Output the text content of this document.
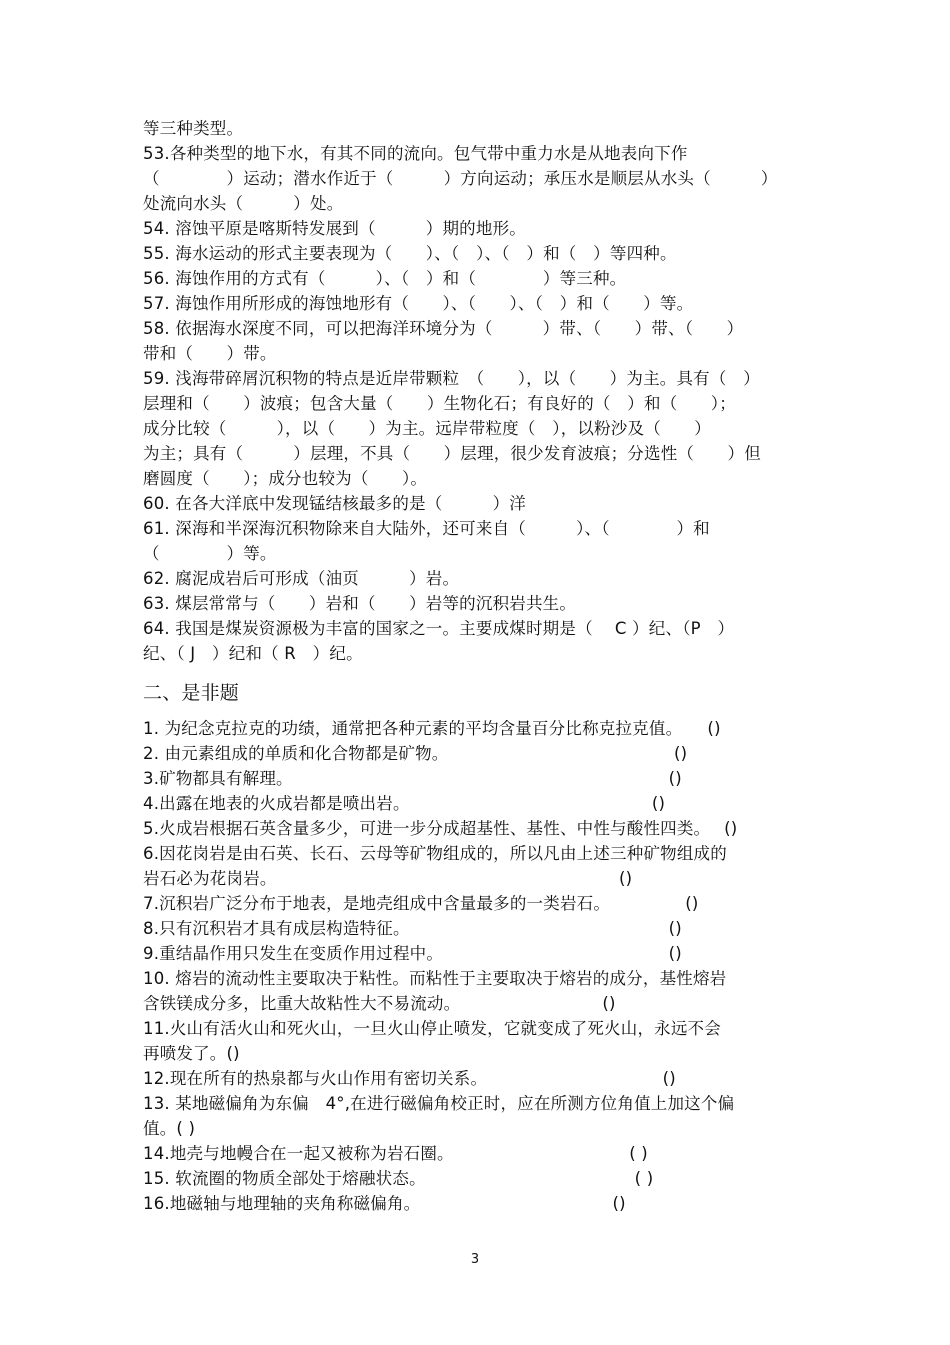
等三种类型。
53.各种类型的地下水，有其不同的流向。包气带中重力水是从地表向下作
（　　　　）运动；潜水作近于（　　　）方向运动；承压水是顺层从水头（　　　）
处流向水头（　　　）处。
54. 溶蚀平原是喀斯特发展到（　　　）期的地形。
55. 海水运动的形式主要表现为（　　）、（　）、（　）和（　）等四种。
56. 海蚀作用的方式有（　　　）、（　）和（　　　　）等三种。
57. 海蚀作用所形成的海蚀地形有（　　）、（　　）、（　）和（　　）等。
58. 依据海水深度不同，可以把海洋环境分为（　　　）带、（　　）带、（　　）
带和（　　）带。
59. 浅海带碎屑沉积物的特点是近岸带颗粒　（　　），以（　　）为主。具有（　）
层理和（　　）波痕；包含大量（　　）生物化石；有良好的（　）和（　　）；
成分比较（　　　），以（　　）为主。远岸带粒度（　），以粉沙及（　　）
为主；具有（　　　）层理，不具（　　）层理，很少发育波痕；分选性（　　）但
磨圆度（　　）；成分也较为（　　）。
60. 在各大洋底中发现锰结核最多的是（　　　）洋
61. 深海和半深海沉积物除来自大陆外，还可来自（　　　）、（　　　　）和
（　　　　）等。
62. 腐泥成岩后可形成（油页　　　）岩。
63. 煤层常常与（　　）岩和（　　）岩等的沉积岩共生。
64. 我国是煤炭资源极为丰富的国家之一。主要成煤时期是（　 C ）纪、（P　）
纪、（ J　）纪和（ R　）纪。
二、是非题
1. 为纪念克拉克的功绩，通常把各种元素的平均含量百分比称克拉克值。　　()
2. 由元素组成的单质和化合物都是矿物。　　　　　　　　　　　　　　()
3.矿物都具有解理。　　　　　　　　　　　　　　　　　　　　　　　()
4.出露在地表的火成岩都是喷出岩。　　　　　　　　　　　　　　　()
5.火成岩根据石英含量多少，可进一步分成超基性、基性、中性与酸性四类。　 ()
6.因花岗岩是由石英、长石、云母等矿物组成的，所以凡由上述三种矿物组成的
岩石必为花岗岩。　　　　　　　　　　　　　　　　　　　　　()
7.沉积岩广泛分布于地表，是地壳组成中含量最多的一类岩石。　　　　　()
8.只有沉积岩才具有成层构造特征。　　　　　　　　　　　　　　　　()
9.重结晶作用只发生在变质作用过程中。　　　　　　　　　　　　　　()
10. 熔岩的流动性主要取决于粘性。而粘性于主要取决于熔岩的成分，基性熔岩
含铁镁成分多，比重大故粘性大不易流动。　　　　　　　　　()
11.火山有活火山和死火山，一旦火山停止喷发，它就变成了死火山，永远不会
再喷发了。()
12.现在所有的热泉都与火山作用有密切关系。　　　　　　　　　　　()
13. 某地磁偏角为东偏　4°,在进行磁偏角校正时，应在所测方位角值上加这个偏
值。( )
14.地壳与地幔合在一起又被称为岩石圈。　　　　　　　　　　　( )
15. 软流圈的物质全部处于熔融状态。　　　　　　　　　　　　　( )
16.地磁轴与地理轴的夹角称磁偏角。　　　　　　　　　　　　()
3
